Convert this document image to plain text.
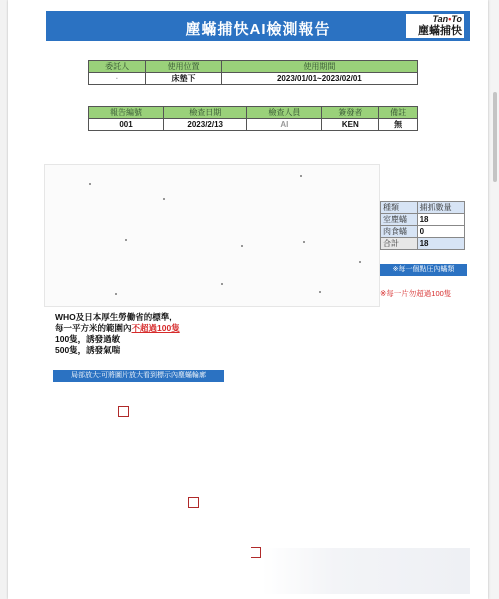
塵蟎捕快AI檢測報告
Tan•To
塵蟎捕快
委託人	使用位置	使用期間
·	床墊下	2023/01/01~2023/02/01
報告編號	檢查日期	檢查人員	簽發者	備註
001	2023/2/13	AI	KEN	無
種類	捕抓數量
室塵蟎	18
肉食蟎	0
合計	18
※每一個點圧內蟎類
※每一片勿超過100隻
WHO及日本厚生勞働省的標準,
每一平方米的範圍內不超過100隻
100隻，誘發過敏
500隻，誘發氣喘
局部放大:可將圖片放大看到標示內塵蟎輪廓
